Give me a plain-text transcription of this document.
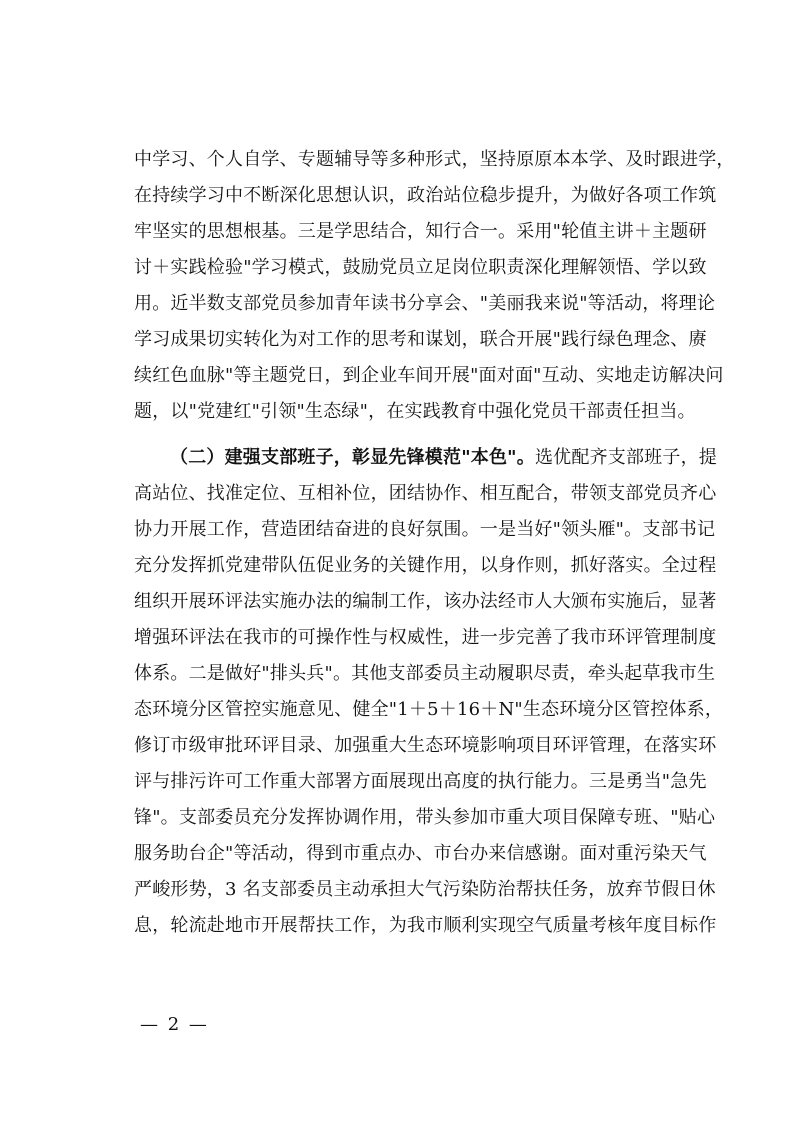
中学习、个人自学、专题辅导等多种形式，坚持原原本本学、及时跟进学，
在持续学习中不断深化思想认识，政治站位稳步提升，为做好各项工作筑
牢坚实的思想根基。三是学思结合，知行合一。采用"轮值主讲＋主题研
讨＋实践检验"学习模式，鼓励党员立足岗位职责深化理解领悟、学以致
用。近半数支部党员参加青年读书分享会、"美丽我来说"等活动，将理论
学习成果切实转化为对工作的思考和谋划，联合开展"践行绿色理念、赓
续红色血脉"等主题党日，到企业车间开展"面对面"互动、实地走访解决问
题，以"党建红"引领"生态绿"，在实践教育中强化党员干部责任担当。
（二）建强支部班子，彰显先锋模范"本色"。选优配齐支部班子，提
高站位、找准定位、互相补位，团结协作、相互配合，带领支部党员齐心
协力开展工作，营造团结奋进的良好氛围。一是当好"领头雁"。支部书记
充分发挥抓党建带队伍促业务的关键作用，以身作则，抓好落实。全过程
组织开展环评法实施办法的编制工作，该办法经市人大颁布实施后，显著
增强环评法在我市的可操作性与权威性，进一步完善了我市环评管理制度
体系。二是做好"排头兵"。其他支部委员主动履职尽责，牵头起草我市生
态环境分区管控实施意见、健全"1＋5＋16＋N"生态环境分区管控体系，
修订市级审批环评目录、加强重大生态环境影响项目环评管理，在落实环
评与排污许可工作重大部署方面展现出高度的执行能力。三是勇当"急先
锋"。支部委员充分发挥协调作用，带头参加市重大项目保障专班、"贴心
服务助台企"等活动，得到市重点办、市台办来信感谢。面对重污染天气
严峻形势，3 名支部委员主动承担大气污染防治帮扶任务，放弃节假日休
息，轮流赴地市开展帮扶工作，为我市顺利实现空气质量考核年度目标作
— 2 —
